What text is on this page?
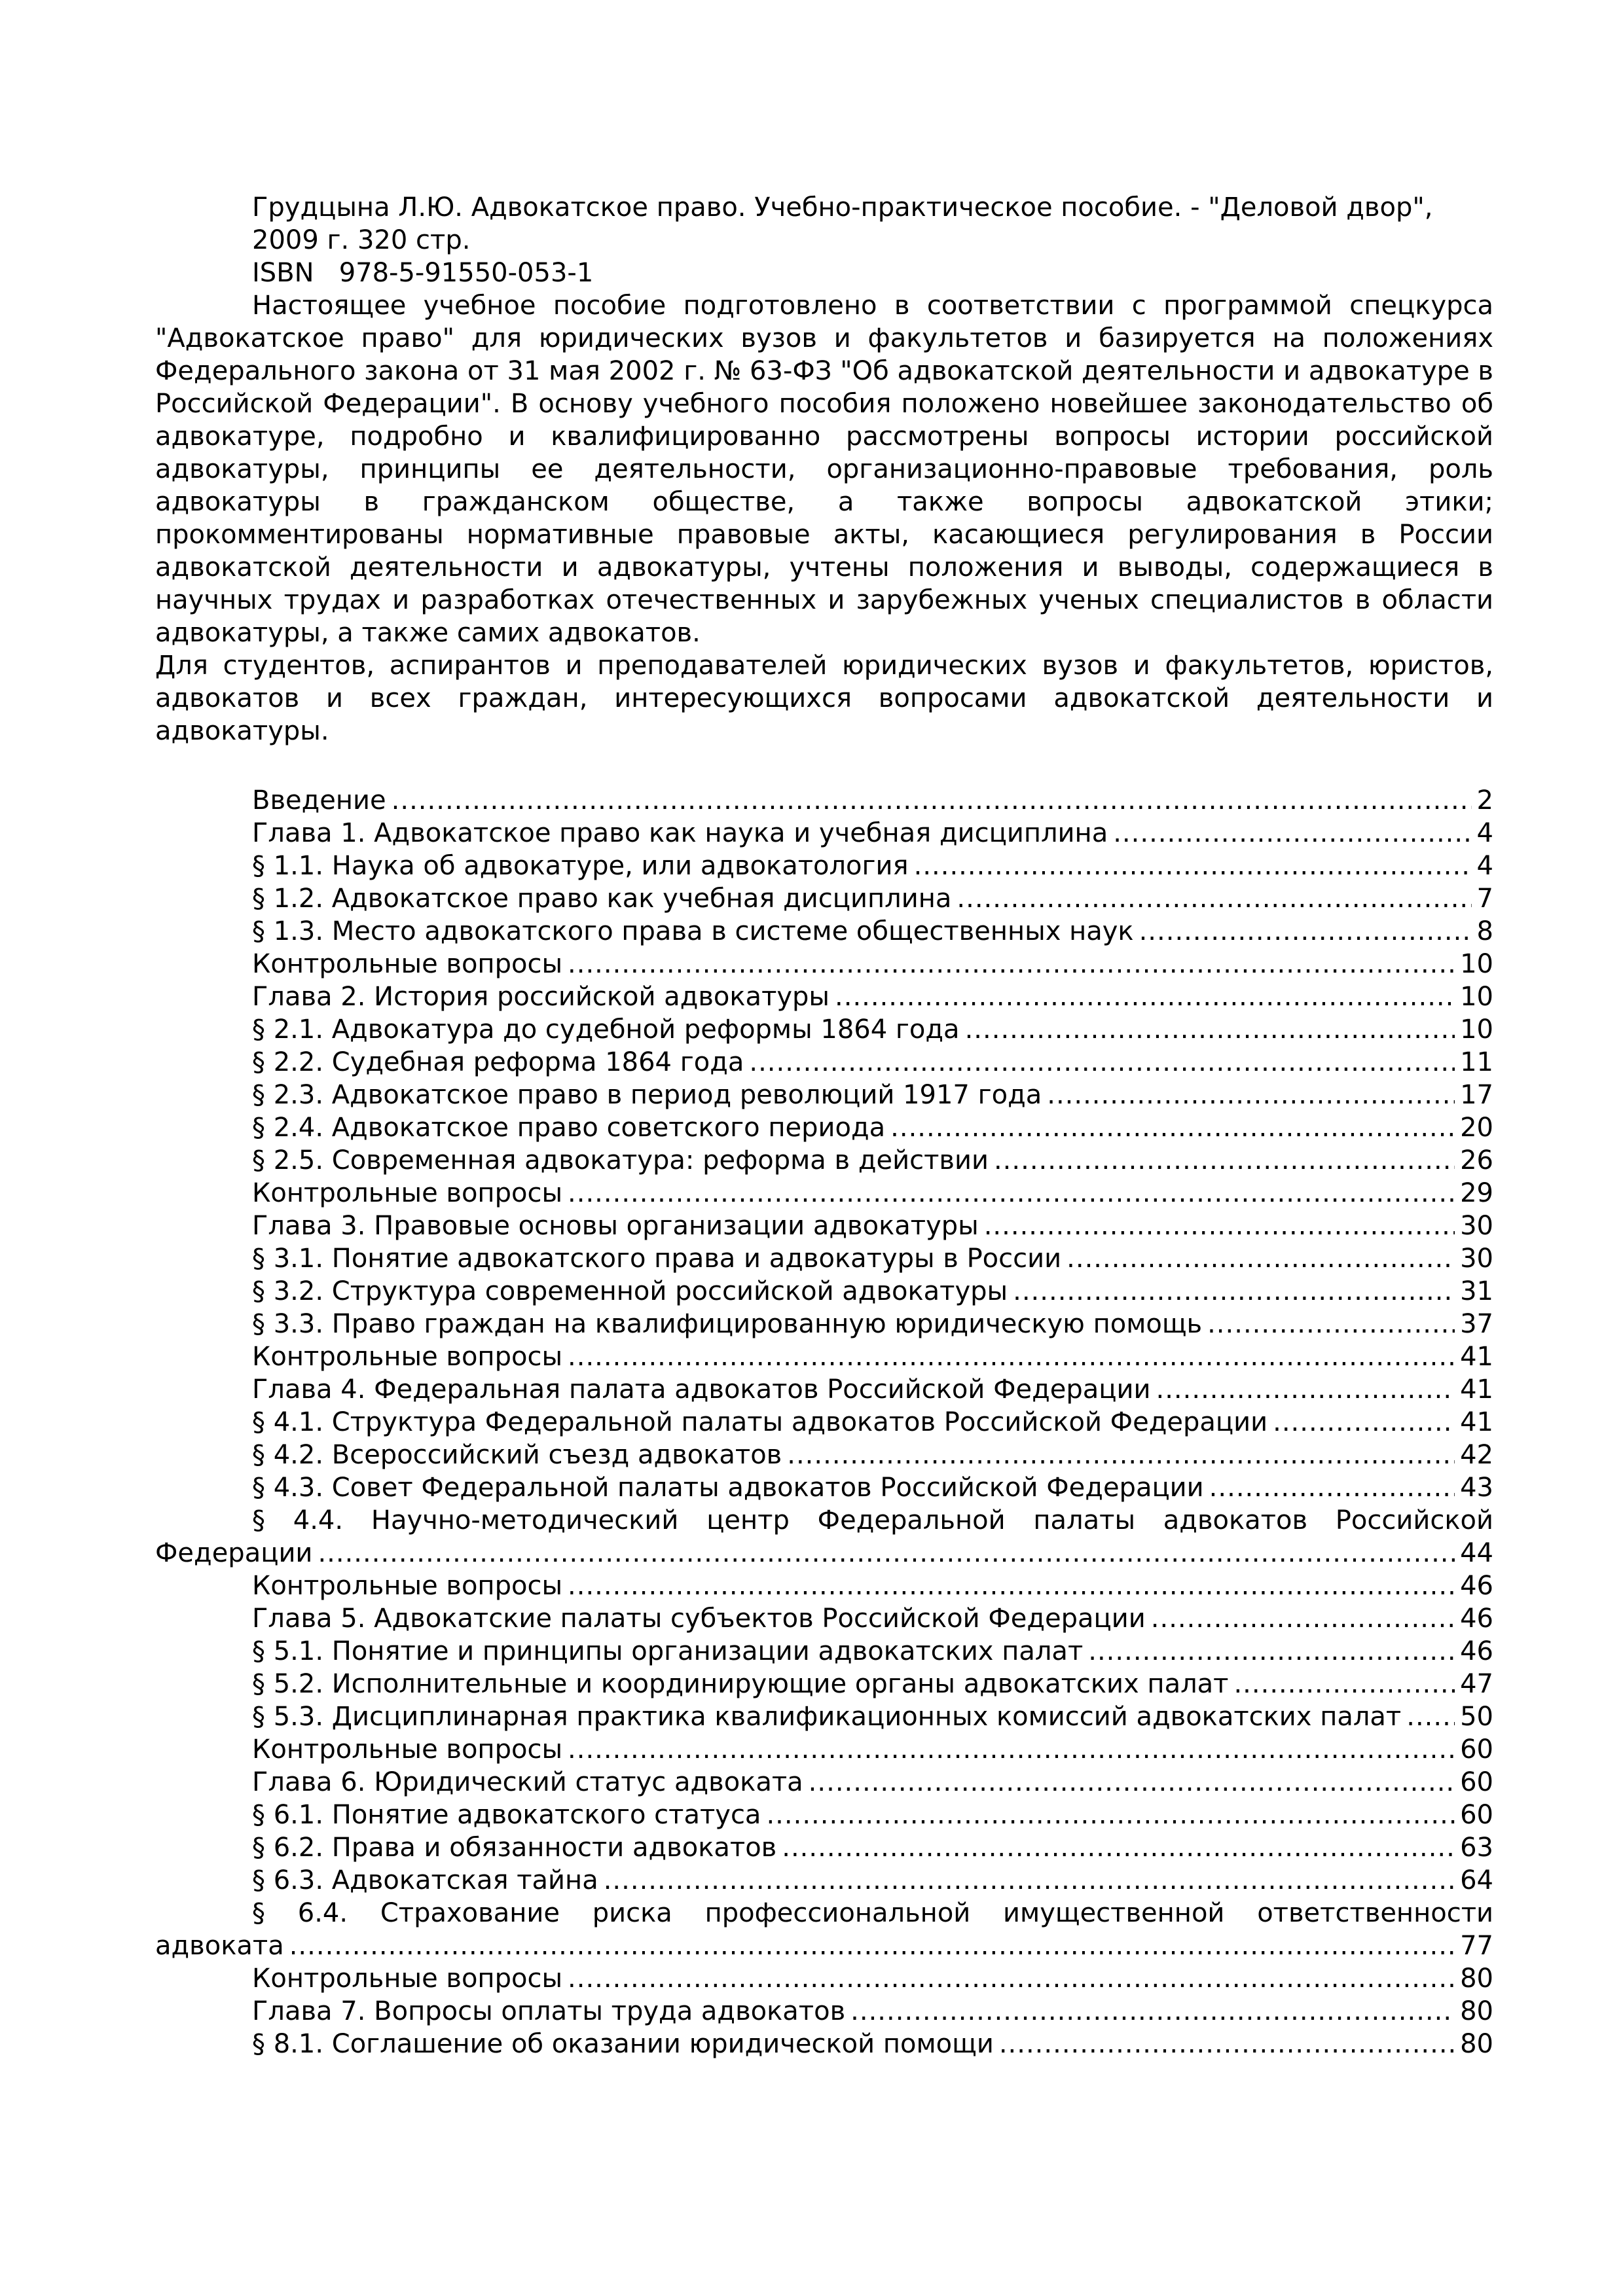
Грудцына Л.Ю. Адвокатское право. Учебно-практическое пособие. - "Деловой двор",
2009 г. 320 стр.
ISBN   978-5-91550-053-1

Настоящее учебное пособие подготовлено в соответствии с программой спецкурса "Адвокатское право" для юридических вузов и факультетов и базируется на положениях Федерального закона от 31 мая 2002 г. № 63-ФЗ "Об адвокатской деятельности и адвокатуре в Российской Федерации". В основу учебного пособия положено новейшее законодательство об адвокатуре, подробно и квалифицированно рассмотрены вопросы истории российской адвокатуры, принципы ее деятельности, организационно-правовые требования, роль адвокатуры в гражданском обществе, а также вопросы адвокатской этики; прокомментированы нормативные правовые акты, касающиеся регулирования в России адвокатской деятельности и адвокатуры, учтены положения и выводы, содержащиеся в научных трудах и разработках отечественных и зарубежных ученых специалистов в области адвокатуры, а также самих адвокатов.

Для студентов, аспирантов и преподавателей юридических вузов и факультетов, юристов, адвокатов и всех граждан, интересующихся вопросами адвокатской деятельности и адвокатуры.

Введение .....	2
Глава 1. Адвокатское право как наука и учебная дисциплина .....	4
§ 1.1. Наука об адвокатуре, или адвокатология .....	4
§ 1.2. Адвокатское право как учебная дисциплина .....	7
§ 1.3. Место адвокатского права в системе общественных наук .....	8
Контрольные вопросы .....	10
Глава 2. История российской адвокатуры .....	10
§ 2.1. Адвокатура до судебной реформы 1864 года .....	10
§ 2.2. Судебная реформа 1864 года .....	11
§ 2.3. Адвокатское право в период революций 1917 года .....	17
§ 2.4. Адвокатское право советского периода .....	20
§ 2.5. Современная адвокатура: реформа в действии .....	26
Контрольные вопросы .....	29
Глава 3. Правовые основы организации адвокатуры .....	30
§ 3.1. Понятие адвокатского права и адвокатуры в России .....	30
§ 3.2. Структура современной российской адвокатуры .....	31
§ 3.3. Право граждан на квалифицированную юридическую помощь .....	37
Контрольные вопросы .....	41
Глава 4. Федеральная палата адвокатов Российской Федерации .....	41
§ 4.1. Структура Федеральной палаты адвокатов Российской Федерации .....	41
§ 4.2. Всероссийский съезд адвокатов .....	42
§ 4.3. Совет Федеральной палаты адвокатов Российской Федерации .....	43
§ 4.4. Научно-методический центр Федеральной палаты адвокатов Российской
Федерации .....	44
Контрольные вопросы .....	46
Глава 5. Адвокатские палаты субъектов Российской Федерации .....	46
§ 5.1. Понятие и принципы организации адвокатских палат .....	46
§ 5.2. Исполнительные и координирующие органы адвокатских палат .....	47
§ 5.3. Дисциплинарная практика квалификационных комиссий адвокатских палат ..... 50
Контрольные вопросы .....	60
Глава 6. Юридический статус адвоката .....	60
§ 6.1. Понятие адвокатского статуса .....	60
§ 6.2. Права и обязанности адвокатов .....	63
§ 6.3. Адвокатская тайна .....	64
§ 6.4. Страхование риска профессиональной имущественной ответственности
адвоката .....	77
Контрольные вопросы .....	80
Глава 7. Вопросы оплаты труда адвокатов .....	80
§ 8.1. Соглашение об оказании юридической помощи .....	80
